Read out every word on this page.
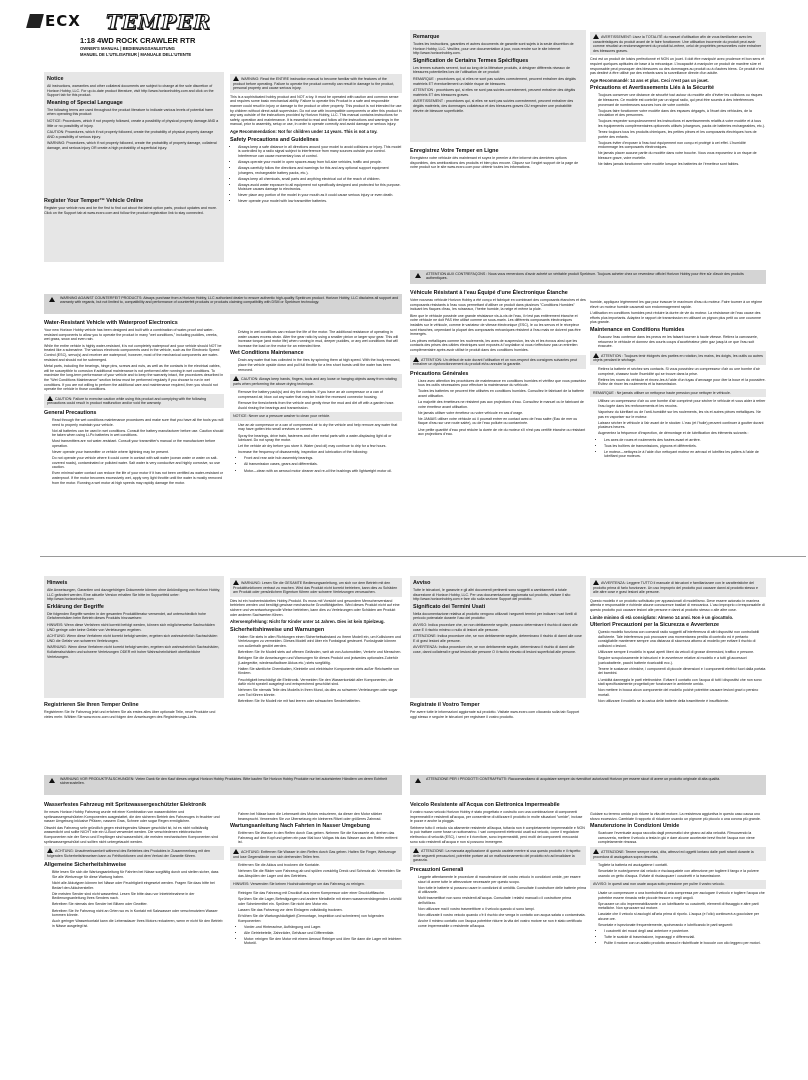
ECX TEMPER
1:18 4WD ROCK CRAWLER RTR
OWNER'S MANUAL | BEDIENUNGSANLEITUNG
MANUEL DE L'UTILISATEUR | MANUALE DELL'UTENTE
Notice
All instructions, warranties and other collateral documents are subject to change at the sole discretion of Horizon Hobby, LLC. For up-to-date product literature, visit http://www.horizonhobby.com and click on the Support tab for this product.
Meaning of Special Language
The following terms are used throughout the product literature to indicate various levels of potential harm when operating this product:
NOTICE: Procedures, which if not properly followed, create a possibility of physical property damage AND a little or no possibility of injury.
CAUTION: Procedures, which if not properly followed, create the probability of physical property damage AND a possibility of serious injury.
WARNING: Procedures, which if not properly followed, create the probability of property damage, collateral damage, and serious injury OR create a high probability of superficial injury.
Register Your Temper™ Vehicle Online
Register your vehicle now and be the first to find out about the latest option parts, product updates and more. Click on the Support tab at www.ecxrc.com and follow the product registration link to stay connected.
WARNING: Read the ENTIRE instruction manual to become familiar with the features of the product before operating. Failure to operate the product correctly can result in damage to the product, personal property and cause serious injury.
This is a sophisticated hobby product and NOT a toy. It must be operated with caution and common sense and requires some basic mechanical ability. Failure to operate this Product in a safe and responsible manner could result in injury or damage to the product or other property. This product is not intended for use by children without direct adult supervision. Do not use with incompatible components or alter this product in any way outside of the instructions provided by Horizon Hobby, LLC. This manual contains instructions for safety, operation and maintenance. It is essential to read and follow all the instructions and warnings in the manual, prior to assembly, setup or use, in order to operate correctly and avoid damage or serious injury.
Age Recommendation: Not for children under 14 years. This is not a toy.
Safety Precautions and Guidelines
• Always keep a safe distance in all directions around your model to avoid collisions or injury. This model is controlled by a radio signal subject to interference from many sources outside your control. Interference can cause momentary loss of control.
• Always operate your model in open spaces away from full-size vehicles, traffic and people.
• Always carefully follow the directions and warnings for this and any optional support equipment (chargers, rechargeable battery packs, etc.).
• Always keep all chemicals, small parts and anything electrical out of the reach of children.
• Always avoid water exposure to all equipment not specifically designed and protected for this purpose. Moisture causes damage to electronics.
• Never place any portion of the model in your mouth as it could cause serious injury or even death.
• Never operate your model with low transmitter batteries.
WARNING AGAINST COUNTERFEIT PRODUCTS: Always purchase from a Horizon Hobby, LLC authorized dealer to ensure authentic high-quality Spektrum product. Horizon Hobby, LLC disclaims all support and warranty with regards, but not limited to, compatibility and performance of counterfeit products or products claiming compatibility with DSM or Spektrum technology.
Water-Resistant Vehicle with Waterproof Electronics
Your new Horizon Hobby vehicle has been designed and built with a combination of water-proof and water-resistant components to allow you to operate the product in many "wet conditions," including puddles, creeks, wet grass, snow and even rain.
While the entire vehicle is highly water-resistant, it is not completely waterproof and your vehicle should NOT be treated like a submarine. The various electronic components used in the vehicle, such as the Electronic Speed Control (ESC), servo(s) and receiver are waterproof, however, most of the mechanical components are water-resistant and should not be submerged.
Metal parts, including the bearings, hinge pins, screws and nuts, as well as the contacts in the electrical cables, will be susceptible to corrosion if additional maintenance is not performed after running in wet conditions. To maximize the long-term performance of your vehicle and to keep the warranty intact, the procedures described in the "Wet Conditions Maintenance" section below must be performed regularly if you choose to run in wet conditions. If you are not willing to perform the additional care and maintenance required, then you should not operate the vehicle in those conditions.
CAUTION: Failure to exercise caution while using this product and complying with the following precautions could result in product malfunction and/or void the warranty.
General Precautions
• Read through the wet conditions maintenance procedures and make sure that you have all the tools you will need to properly maintain your vehicle.
• Not all batteries can be used in wet conditions. Consult the battery manufacturer before use. Caution should be taken when using Li-Po batteries in wet conditions.
• Most transmitters are not water-resistant. Consult your transmitter's manual or the manufacturer before operation.
• Never operate your transmitter or vehicle where lightning may be present.
• Do not operate your vehicle where it could come in contact with salt water (ocean water or water on salt-covered roads), contaminated or polluted water. Salt water is very conductive and highly corrosive, so use caution.
• Even minimal water contact can reduce the life of your motor if it has not been certified as water-resistant or waterproof. If the motor becomes excessively wet, apply very light throttle until the water is mostly removed from the motor. Running a wet motor at high speeds may rapidly damage the motor.
• Driving in wet conditions can reduce the life of the motor. The additional resistance of operating in water causes excess strain. Alter the gear ratio by using a smaller pinion or larger spur gear. This will increase torque (and motor life) when running in mud, deeper puddles, or any wet conditions that will increase the load on the motor for an extended time.
Wet Conditions Maintenance
• Drain any water that has collected in the tires by spinning them at high speed. With the body removed, place the vehicle upside down and pull full throttle for a few short bursts until the water has been removed.
CAUTION: Always keep hands, fingers, tools and any loose or hanging objects away from rotating parts when performing the above drying technique.
• Remove the battery pack(s) and dry the contacts. If you have an air compressor or a can of compressed air, blow out any water that may be inside the recessed connector housing.
• Remove the tires/wheels from the vehicle and gently rinse the mud and dirt off with a garden hose. Avoid rinsing the bearings and transmission.
NOTICE: Never use a pressure washer to clean your vehicle.
• Use an air compressor or a can of compressed air to dry the vehicle and help remove any water that may have gotten into small crevices or corners.
• Spray the bearings, drive train, fasteners and other metal parts with a water-displacing light oil or lubricant. Do not spray the motor.
• Let the vehicle air dry before you store it. Water (and oil) may continue to drip for a few hours.
• Increase the frequency of disassembly, inspection and lubrication of the following:
• Front and rear axle hub assembly bearings.
• All transmission cases, gears and differentials.
• Motor—clean with an aerosol motor cleaner and re-oil the bushings with lightweight motor oil.
Remarque
Toutes les instructions, garanties et autres documents de garantie sont sujets à la seule discrétion de Horizon Hobby, LLC. Veuillez, pour une documentation à jour, vous rendre sur le site internet http://www.horizonhobby.com.
Signification de Certains Termes Spécifiques
Les termes suivants servent, tout au long de la littérature produits, à désigner différents niveaux de blessures potentielles lors de l'utilisation de ce produit:
REMARQUE : procédures qui, si elles ne sont pas suivies correctement, peuvent entraîner des dégâts matériels ET éventuellement un faible risque de blessures.
ATTENTION : procédures qui, si elles ne sont pas suivies correctement, peuvent entraîner des dégâts matériels ET des blessures graves.
AVERTISSEMENT : procédures qui, si elles ne sont pas suivies correctement, peuvent entraîner des dégâts matériels, des dommages collatéraux et des blessures graves OU engendrer une probabilité élevée de blessure superficielle.
Enregistrez Votre Temper en Ligne
Enregistrez votre véhicule dès maintenant et soyez le premier à être informé des dernières options disponibles, des améliorations des produits et bien plus encore. Cliquez sur l'onglet support de la page de votre produit sur le site www.ecxrc.com pour obtenir toutes les informations.
AVERTISSEMENT: Lisez la TOTALITÉ du manuel d'utilisation afin de vous familiariser avec les caractéristiques du produit avant de le faire fonctionner. Une utilisation incorrecte du produit peut avoir comme résultat un endommagement du produit lui-même, celui de propriétés personnelles voire entraîner des blessures graves.
Ceci est un produit de loisirs perfectionné et NON un jouet. Il doit être manipulé avec prudence et bon sens et requiert quelques aptitudes de base à la mécanique. L'incapacité à manipuler ce produit de manière sûre et responsable peut provoquer des blessures ou des dommages au produit ou à d'autres biens. Ce produit n'est pas destiné à être utilisé par des enfants sans la surveillance directe d'un adulte.
Age Recommandé: 14 ans et plus. Ceci n'est pas un jouet.
Précautions et Avertissements Liés à la Sécurité
• Toujours conserver une distance de sécurité tout autour du modèle afin d'éviter les collisions ou risques de blessures. Ce modèle est contrôlé par un signal radio, qui peut être soumis à des interférences provenant de nombreuses sources hors de votre contrôle.
• Toujours faire fonctionner votre modèle dans des espaces dégagés, à l'écart des véhicules, de la circulation et des personnes.
• Toujours respecter scrupuleusement les instructions et avertissements relatifs à votre modèle et à tous les équipements complémentaires optionnels utilisés (chargeurs, packs de batteries rechargeables, etc.).
• Tenez toujours tous les produits chimiques, les petites pièces et les composants électriques hors de portée des enfants.
• Toujours éviter d'exposer à l'eau tout équipement non conçu et protégé à cet effet. L'humidité endommage les composants électroniques.
• Ne jamais placer aucune partie du modèle dans votre bouche. Vous vous exposeriez à un risque de blessure grave, voire mortelle.
• Ne faites jamais fonctionner votre modèle lorsque les batteries de l'émetteur sont faibles.
ATTENTION AUX CONTREFAÇONS : Nous vous remercions d'avoir acheté un véritable produit Spektrum. Toujours acheter chez un revendeur officiel Horizon Hobby pour être sûr d'avoir des produits authentiques.
Véhicule Résistant à l'eau Équipé d'une Électronique Étanche
Votre nouveau véhicule Horizon Hobby a été conçu et fabriqué en combinant des composants étanches et des composants résistants à l'eau vous permettant d'utiliser ce produit dans plusieurs "Conditions Humides" incluant les flaques d'eau, les ruisseaux, l'herbe humide, la neige et même la pluie.
Bien que le véhicule possède une grande résistance vis-à-vis de l'eau, il n'est pas entièrement étanche et votre véhicule ne doit PAS être utilisé comme un sous-marin. Les différents composants électroniques installés sur le véhicule, comme le variateur de vitesse électronique (ESC), le ou les servos et le récepteur sont étanches, cependant la plupart des composants mécaniques résistent à l'eau mais ne doivent pas être immergés.
Les pièces métalliques comme les roulements, les axes de suspension, les vis et les écrous ainsi que les contacts des prises des câbles électriques sont exposés à l'oxydation si vous n'effectuez pas un entretien complémentaire après avoir utilisé le produit dans des conditions humides.
ATTENTION: Un défaut de soin durant l'utilisation et un non-respect des consignes suivantes peut entraîner un dysfonctionnement du produit et/ou annuler la garantie.
Précautions Générales
• Lisez avec attention les procédures de maintenance en conditions humides et vérifiez que vous possédez tous les outils nécessaires pour effectuer la maintenance du véhicule.
• Toutes les batteries ne peuvent être utilisées en conditions humides. Consultez le fabricant de la batterie avant utilisation.
• La majorité des émetteurs ne résistent pas aux projections d'eau. Consultez le manuel ou le fabricant de votre émetteur avant utilisation.
• Ne jamais utiliser votre émetteur ou votre véhicule en cas d'orage.
• Ne JAMAIS utiliser votre véhicule où il pourrait entrer en contact avec de l'eau salée (Eau de mer ou flaque d'eau sur une route salée), ou de l'eau polluée ou contaminée.
• Une petite quantité d'eau peut réduire la durée de vie du moteur s'il n'est pas certifié étanche ou résistant aux projections d'eau.
humide, appliquez légèrement les gaz pour évacuer le maximum d'eau du moteur. Faire tourner à un régime élevé un moteur humide causerait son endommagement rapide.
L'utilisation en conditions humides peut réduire la durée de vie du moteur. La résistance de l'eau cause des efforts plus importants. Adaptez le rapport de transmission en utilisant un pignon plus petit ou une couronne plus grande.
Maintenance en Conditions Humides
• Évacuez l'eau contenue dans les pneus en les faisant tourner à haute vitesse. Retirez la carrosserie, retournez le véhicule et donnez des courts coups d'accélérateur plein gaz jusqu'à ce que l'eau soit évacuée.
ATTENTION : Toujours tenir éloignés des parties en rotation, les mains, les doigts, les outils ou autres objets pendant le séchage.
• Retirez la batterie et séchez ses contacts. Si vous possédez un compresseur d'air ou une bombe d'air comprimé, chassez toute l'humidité qui se trouve dans la prise.
• Retirez les roues du véhicule et rincez-les à l'aide d'un tuyau d'arrosage pour ôter la boue et la poussière. Évitez de rincer les roulements et la transmission.
REMARQUE : Ne jamais utiliser un nettoyeur haute pression pour nettoyer le véhicule.
• Utilisez un compresseur d'air ou une bombe d'air comprimé pour sécher le véhicule et vous aider à retirer l'eau logée dans les renfoncements et les recoins.
• Vaporisez du lubrifiant ou de l'anti-humidité sur les roulements, les vis et autres pièces métalliques. Ne pas en vaporiser sur le moteur.
• Laissez sécher le véhicule à l'air avant de le stocker. L'eau (et l'huile) peuvent continuer à goutter durant plusieurs heures.
• Augmentez la fréquence d'inspection, de démontage et de lubrification des éléments suivants :
• Les axes de roues et roulements des fusées avant et arrière.
• Tous les boîtiers de transmissions, pignons et différentiels.
• Le moteur—nettoyez-le à l'aide d'un nettoyant moteur en aérosol et lubrifiez les paliers à l'aide de lubrifiant pour moteurs.
Hinweis
Alle Anweisungen, Garantien und dazugehörigen Dokumente können ohne Ankündigung von Horizon Hobby, LLC geändert werden. Eine aktuelle Version erhalten Sie bitte im Supportfeld unter: http://www.horizonhobby.com
Erklärung der Begriffe
Die folgenden Begriffe werden in der gesamten Produktliteratur verwendet, auf unterschiedlich hohe Gefahrenrisiken beim Betrieb dieses Produkts hinzuweisen:
HINWEIS: Wenn diese Verfahren nicht korrekt befolgt werden, können sich möglicherweise Sachschäden UND geringe oder keine Gefahr von Verletzungen ergeben.
ACHTUNG: Wenn diese Verfahren nicht korrekt befolgt werden, ergeben sich wahrscheinlich Sachschäden UND die Gefahr von schweren Verletzungen.
WARNUNG: Wenn diese Verfahren nicht korrekt befolgt werden, ergeben sich wahrscheinlich Sachschäden, Kollateralschäden und schwere Verletzungen ODER mit hoher Wahrscheinlichkeit oberflächliche Verletzungen.
Registrieren Sie Ihren Temper Online
Registrieren Sie Ihr Fahrzeug jetzt und erfahren Sie als erstes alles über optionale Teile, neue Produkte und vieles mehr. Wählen Sie www.ecxrc.com und folgen den Anweisungen des Registrierungs-Links.
WARNUNG: Lesen Sie die GESAMTE Bedienungsanleitung, um sich vor dem Betrieb mit den Produktfunktionen vertraut zu machen. Wird das Produkt nicht korrekt betrieben, kann dies zu Schäden am Produkt oder persönlichem Eigentum führen oder schwere Verletzungen verursachen.
Dies ist ein hochentwickeltes Hobby-Produkt. Es muss mit Vorsicht und gesundem Menschenverstand betrieben werden und benötigt gewisse mechanische Grundfähigkeiten. Wird dieses Produkt nicht auf eine sichere und verantwortungsvolle Weise betrieben, kann dies zu Verletzungen oder Schäden am Produkt oder anderen Sachwerten führen.
Altersempfehlung: Nicht für Kinder unter 14 Jahren. Dies ist kein Spielzeug.
Sicherheitshinweise und Warnungen
• Halten Sie stets in allen Richtungen einen Sicherheitsabstand zu Ihrem Modell ein, um Kollisionen und Verletzungen zu vermeiden. Dieses Modell wird über ein Funksignal gesteuert. Funksignale können von außerhalb gestört werden.
• Betreiben Sie Ihr Modell stets auf offenen Geländen, weit ab von Automobilen, Verkehr und Menschen.
• Befolgen Sie die Anweisungen und Warnungen für dieses Produkt und jedwedes optionales Zubehör (Ladegeräte, wiederaufladbare Akkus etc.) stets sorgfältig.
• Halten Sie sämtliche Chemikalien, Kleinteile und elektrische Komponente stets außer Reichweite von Kindern.
• Feuchtigkeit beschädigt die Elektronik. Vermeiden Sie den Wasserkontakt aller Komponenten, die dafür nicht speziell ausgelegt und entsprechend geschützt sind.
• Nehmen Sie niemals Teile des Modells in Ihren Mund, da dies zu schweren Verletzungen oder sogar zum Tod führen könnte.
• Betreiben Sie Ihr Modell nie mit fast leeren oder schwachen Senderbatterien.
WARNUNG VOR PRODUKTFÄLSCHUNGEN: Vielen Dank für den Kauf dieses original Horizon Hobby Produktes. Bitte kaufen Sie Horizon Hobby Produkte nur bei autorisierten Händlern um deren Echtheit sicherzustellen.
Wasserfestes Fahrzeug mit Spritzwassergeschützter Elektronik
Ihr neues Horizon Hobby Fahrzeug wurde mit einer Kombination von wasserdichten und spritzwassergeschützten Komponenten ausgestattet, die den sicheren Betrieb des Fahrzeuges in feuchter und nasser Umgebung inklusive Pfützen, nassem Gras, Schnee oder sogar Regen ermöglichen.
Obwohl das Fahrzeug sehr gründlich gegen eindringendes Wasser geschützt ist, ist es nicht vollständig wasserdicht und sollte NICHT wie ein U-Boot verwendet werden. Die verschiedenen elektronischen Komponenten wie der Servo und Empfänger sind wasserdicht, die meisten mechanischen Komponenten sind spritzwassergeschützt und sollten nicht untergetaucht werden.
ACHTUNG: Unaufmerksamkeit während des Betriebes des Produktes in Zusammenhang mit den folgenden Sicherheitshinweisen kann zu Fehlfunktionen und dem Verlust der Garantie führen.
Allgemeine Sicherheitshinweise
• Bitte lesen Sie sich die Wartungsanleitung für Fahrten bei Nässe sorgfältig durch und stellen sicher, dass Sie alle Werkzeuge für diese Wartung haben.
• Nicht alle Akkutypen können bei Nässe oder Feuchtigkeit eingesetzt werden. Fragen Sie dazu bitte bei Bedarf den Akkuhersteller.
• Die meisten Sender sind nicht wasserfest. Lesen Sie bitte dazu vor Inbetriebnahme in der Bedienungsanleitung Ihres Senders nach.
• Betreiben Sie niemals den Sender bei Blitzen oder Gewitter.
• Betreiben Sie Ihr Fahrzeug nicht an Orten wo es in Kontakt mit Salzwasser oder verschmutztem Wasser kommen könnte.
• Auch geringer Wasserkontakt kann die Lebensdauer Ihres Motors reduzieren, wenn er nicht für den Betrieb in Nässe ausgelegt ist.
• Fahren bei Nässe kann die Lebenszeit des Motors reduzieren, da dieser den Motor stärker beansprucht. Verwenden Sie zur Übersetzung ein kleineres Ritzel oder größeres Zahnrad.
Wartungsanleitung Nach Fahrten in Nasser Umgebung
• Entfernen Sie Wasser in den Reifen durch Gas geben. Nehmen Sie die Karosserie ab, drehen das Fahrzeug auf den Kopf und geben ein paar Mal kurz Vollgas bis das Wasser aus den Reifen entfernt ist.
ACHTUNG: Entfernen Sie Wasser in den Reifen durch Gas geben. Halten Sie Finger, Werkzeuge und lose Gegenstände von sich drehenden Teilen fern.
• Entfernen Sie die Akkus und trocknen die Kontakte.
• Nehmen Sie die Räder vom Fahrzeug ab und spülen vorsichtig Dreck und Schmutz ab. Vermeiden Sie das Abspülen der Lager und des Getriebes.
HINWEIS: Verwenden Sie keinen Hochdruckreiniger um das Fahrzeug zu reinigen.
• Reinigen Sie das Fahrzeug mit Druckluft aus einem Kompressor oder einer Druckluftflasche.
• Sprühen Sie die Lager, Befestigungen und andere Metallteile mit einem wasserverdrängenden Leichtöl oder Schmiermittel ein. Sprühen Sie nicht den Motor ein.
• Lassen Sie das Fahrzeug vor dem Einlagern vollständig trocknen.
• Erhöhen Sie die Wartungshäufigkeit (Demontage, Inspektion und schmieren) von folgenden Komponenten:
• Vorder-und Hinterachse, Aufhängung und Lager.
• Alle Getriebeteile, Zahnräder, Gehäuse und Differentiale.
• Motor: reinigen Sie den Motor mit einem Aerosol Reiniger und ölen Sie dann die Lager mit leichtem Motoröl.
Avviso
Tutte le istruzioni, le garanzie e gli altri documenti pertinenti sono soggetti a cambiamenti a totale discrezione di Horizon Hobby, LLC. Per una documentazione aggiornata sul prodotto, visitare il sito http://www.horizonhobby.com e fare clic sulla sezione Support del prodotto.
Significato dei Termini Usati
Nella documentazione relativa al prodotto vengono utilizzati i seguenti termini per indicare i vari livelli di pericolo potenziale durante l'uso del prodotto:
AVVISO: Indica procedure che, se non debitamente seguite, possono determinare il rischio di danni alle cose E il rischio minimo o nullo di lesioni alle persone.
ATTENZIONE: Indica procedure che, se non debitamente seguite, determinano il rischio di danni alle cose E di gravi lesioni alle persone.
AVVERTENZA: Indica procedure che, se non debitamente seguite, determinano il rischio di danni alle cose, danni collaterali e gravi lesioni alle persone O il rischio elevato di lesioni superficiali alle persone.
Registrate il Vostro Temper
Per avere tutte le informazioni aggiornate sul prodotto. Visitate www.ecxrc.com cliccando sulla tab Support oggi stesso e seguire le istruzioni per registrare il vostro prodotto.
AVVERTENZA: Leggere TUTTO il manuale di istruzioni e familiarizzare con le caratteristiche del prodotto prima di farlo funzionare. Un uso improprio del prodotto può causare danni al prodotto stesso e alle altre cose e gravi lesioni alle persone.
Questo modello è un prodotto sofisticato per appassionati di modellismo. Deve essere azionato in maniera attenta e responsabile e richiede alcune conoscenze basilari di meccanica. L'uso improprio o irresponsabile di questo prodotto può causare lesioni alle persone e danni al prodotto stesso o alle altre cose.
Limite minimo di età consigliato: Almeno 14 anni. Non è un giocattolo.
Ulteriori Precauzioni per la Sicurezza e Avvertenze
• Questo modello funziona con comandi radio soggetti all'interferenza di altri dispositivi non controllabili dall'utente. Tale interferenza può provocare una momentanea perdita di controllo ed è pertanto consigliabile mantenere sempre una distanza di sicurezza attorno al modello per evitare il rischio di collisioni o lesioni.
• Utilizzare sempre il modello in spazi aperti liberi da veicoli di grosse dimensioni, traffico e persone.
• Seguire scrupolosamente le istruzioni e le avvertenze relative al modello e a tutti gli accessori (caricabatterie, pacchi batterie ricaricabili ecc.).
• Tenere le sostanze chimiche, i componenti di piccole dimensioni e i componenti elettrici fuori dalla portata dei bambini.
• L'umidità danneggia le parti elettroniche. Evitare il contatto con l'acqua di tutti i dispositivi che non sono stati specificatamente progettati per funzionare in ambiente umido.
• Non mettere in bocca alcun componente del modello poiché potrebbe causare lesioni gravi o persino mortali.
• Non utilizzare il modello se la carica delle batterie della trasmittente è insufficiente.
ATTENZIONE PER I PRODOTTI CONTRAFFATTI: Raccomandiamo di acquistare sempre da rivenditori autorizzati Horizon per essere sicuri di avere un prodotto originale di alta qualità.
Veicolo Resistente all'Acqua con Elettronica Impermeabile
Il vostro nuovo veicolo Horizon Hobby è stato progettato e costruito con una combinazione di componenti impermeabili e resistenti all'acqua, per consentirne di utilizzare il prodotto in molte situazioni "umide", incluse le pozze e anche la pioggia.
Sebbene tutto il veicolo sia altamente resistente all'acqua, tuttavia non è completamente impermeabile e NON lo può trattare come fosse un sottomarino. I vari componenti elettronici usati sul veicolo, come il regolatore elettronico di velocità (ESC), i servi e il ricevitore, sono impermeabili, però molti dei componenti meccanici sono solo resistenti all'acqua e non si possono immergere.
ATTENZIONE: La mancata applicazione di questo cautele mentre si usa questo prodotto e il rispetto delle seguenti precauzioni, potrebbe portare ad un malfunzionamento del prodotto e/o ad invalidare la garanzia.
Precauzioni Generali
• Leggete attentamente le procedure di manutenzione del vostro veicolo in condizioni umide, per essere sicuri di avere tutte le attrezzature necessarie per questo scopo.
• Non tutte le batterie si possono usare in condizioni di umidità. Consultate il costruttore delle batterie prima di utilizzarle.
• Molti trasmettitori non sono resistenti all'acqua. Consultate i relativi manuali o il costruttore prima dell'utilizzo.
• Non utilizzare mai il vostro trasmettitore o il veicolo quando ci sono lampi.
• Non utilizzate il vostro veicolo quando c'è il rischio che venga in contatto con acqua salata o contaminata.
• Anche il minimo contatto con l'acqua potrebbe ridurre la vita del vostro motore se non è stato certificato come impermeabile o resistente all'acqua.
Guidare su terreno umido può ridurre la vita del motore. La resistenza aggiuntiva in questo caso causa uno sforzo eccessivo. Cambiate il rapporto di riduzione usando un pignone più piccolo o una corona più grande.
Manutenzione in Condizioni Umide
• Scaricare l'eventuale acqua raccolta dagli pneumatici che girano ad alta velocità. Rimuovendo la carrozzeria, mettere il veicolo a testa in giù e dare alcune accelerate brevi finché l'acqua non viene completamente rimossa.
ATTENZIONE: Tenere sempre mani, dita, attrezzi ed oggetti lontano dalle parti rotanti durante la procedura di asciugatura sopra descritta.
• Togliete la batteria ed asciugatene i contatti.
• Smontate le ruote/gomme dal veicolo e risciacquatele con attenzione per togliere il fango e la polvere usando un getto d'acqua. Evitate di risciacquare i cuscinetti e la trasmissione.
AVVISO: In questi casi non usate acqua sotto pressione per pulire il vostro veicolo.
• Usate un compressore o una bomboletta di aria compressa per asciugare il veicolo e togliere l'acqua che potrebbe essere rimasta nelle piccole fessure o negli angoli.
• Spruzzare un olio impermeabilizzante o un lubrificante su cuscinetti, elementi di fissaggio e altre parti metalliche. Non spruzzare sul motore.
• Lasciate che il veicolo si asciughi all'aria prima di riporlo. L'acqua (e l'olio) continuerà a gocciolare per alcune ore.
• Smontate e ispezionate frequentemente, spolverando e lubrificando le parti seguenti:
• I cuscinetti dei mozzi degli assi anteriore e posteriore.
• Tutte le scatole di trasmissione, ingranaggi e differenziali.
• Pulite il motore con un adatto prodotto aerosol e rilubrificate le boccole con olio leggero per motori.
